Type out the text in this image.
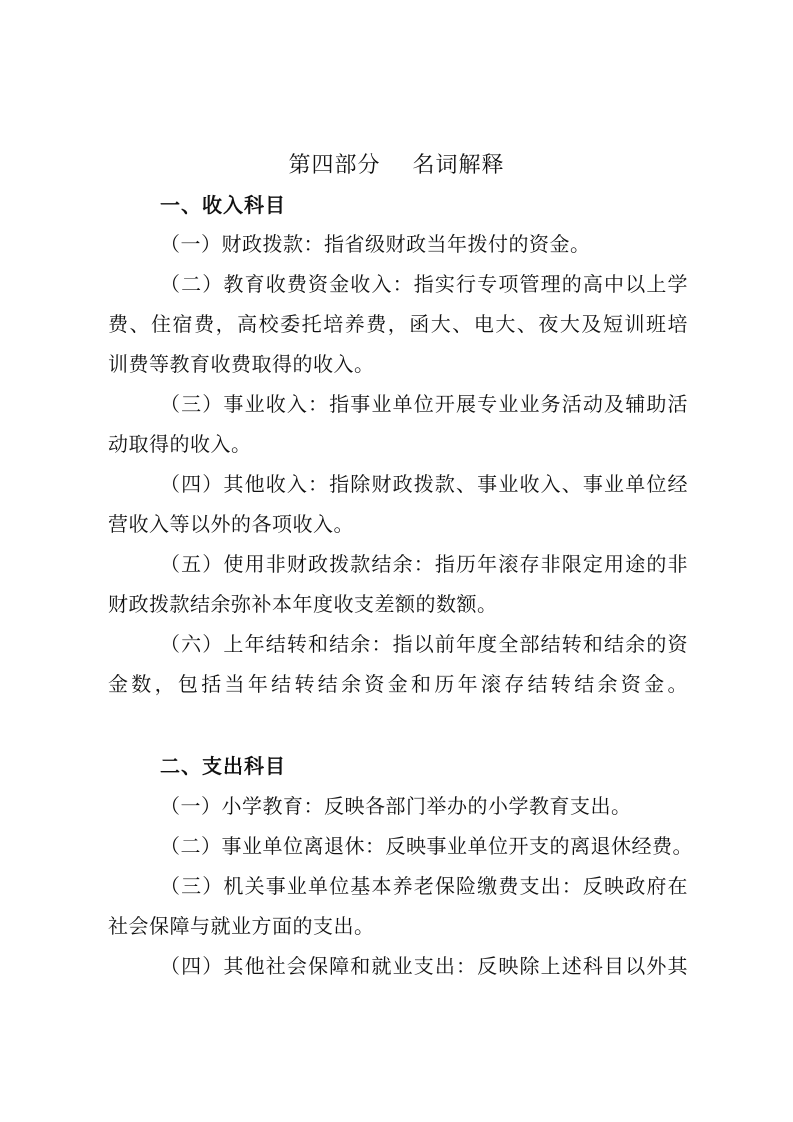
第四部分    名词解释
一、收入科目
（一）财政拨款：指省级财政当年拨付的资金。
（二）教育收费资金收入：指实行专项管理的高中以上学
费、住宿费，高校委托培养费，函大、电大、夜大及短训班培
训费等教育收费取得的收入。
（三）事业收入：指事业单位开展专业业务活动及辅助活
动取得的收入。
（四）其他收入：指除财政拨款、事业收入、事业单位经
营收入等以外的各项收入。
（五）使用非财政拨款结余：指历年滚存非限定用途的非
财政拨款结余弥补本年度收支差额的数额。
（六）上年结转和结余：指以前年度全部结转和结余的资
金数，包括当年结转结余资金和历年滚存结转结余资金。
二、支出科目
（一）小学教育：反映各部门举办的小学教育支出。
（二）事业单位离退休：反映事业单位开支的离退休经费。
（三）机关事业单位基本养老保险缴费支出：反映政府在
社会保障与就业方面的支出。
（四）其他社会保障和就业支出：反映除上述科目以外其
